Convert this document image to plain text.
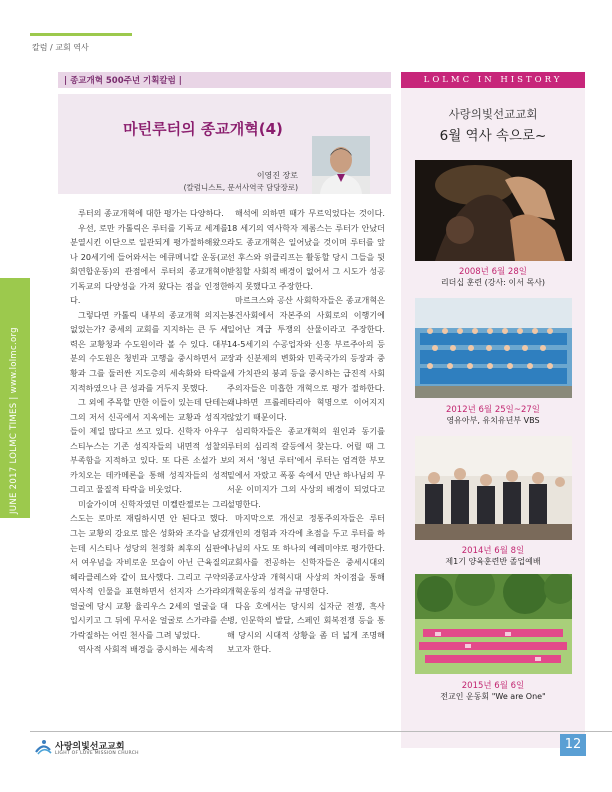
JUNE 2017 LOLMC TIMES | www.lolmc.org
칼럼 / 교회 역사
| 종교개혁 500주년 기획칼럼 |	LOLMC IN HISTORY
마틴루터의 종교개혁(4)
이영진 장로
(칼럼니스트, 문서사역국 담당장로)

루터의 종교개혁에 대한 평가는 다양하다.

우선, 로만 카톨릭은 루터를 기독교 세계를 분열시킨 이단으로 일관되게 평가절하해왔으나 20세기에 들어와서는 에큐메니칼 운동(교회연합운동)의 관점에서 루터의 종교개혁이 기독교의 다양성을 가져 왔다는 점을 인정한다.

그렇다면 카톨릭 내부의 종교개혁 의지는 없었는가? 중세의 교회를 지지하는 큰 두 세력은 교황청과 수도원이라 볼 수 있다. 대부분의 수도원은 청빈과 고행을 중시하면서 교황과 그를 둘러싼 지도층의 세속화와 타락을 지적하였으나 큰 성과를 거두지 못했다.

그 외에 주목할 만한 이들이 있는데 단테는 그의 저서 신곡에서 지옥에는 교황과 성직자들이 제일 많다고 쓰고 있다. 신학자 아우구스티누스는 기존 성직자들의 내면적 성찰의 부족함을 지적하고 있다. 또 다른 소설가 보카치오는 데카메론을 통해 성직자들의 성적 그리고 물질적 타락을 비웃었다.

미술가이며 신학자였던 미켈란젤로는 그리스도는 로마로 재림하시면 안 된다고 했다. 그는 교황의 강요로 많은 성화와 조각을 남겼는데 시스티나 성당의 천정화 최후의 심판에서 여우넘을 자비로운 모습이 아닌 근육질의 헤라클레스와 같이 묘사했다. 그리고 구약의 역사적 인물을 표현하면서 선지자 스가랴의 얼굴에 당시 교황 율리우스 2세의 얼굴을 대입시키고 그 뒤에 무서운 얼굴로 스가랴를 손가락질하는 어린 천사를 그려 넣었다.

역사적 사회적 배경을 중시하는 세속적

해석에 의하면 때가 무르익었다는 것이다. 18 세기의 역사학자 제롬스는 루터가 안났더라도 종교개혁은 일어났을 것이며 루터를 앞선 후스와 위클리프는 활동할 당시 그들을 뒷받침할 사회적 배경이 없어서 그 시도가 성공하지 못했다고 주장한다.

마르크스와 공산 사회학자들은 종교개혁은 봉건사회에서 자본주의 사회로의 이행기에 일어난 계급 투쟁의 산물이라고 주장한다. 14-5세기의 수공업자와 신흥 부르주아의 등장과 신분제의 변화와 민족국가의 등장과 중세 가치관의 붕괴 등을 중시하는 급진적 사회주의자들은 미흡한 개혁으로 평가 절하한다. 왜냐하면 프롤레타리아 혁명으로 이어지지 않았기 때문이다.

심리학자들은 종교개혁의 원인과 동기를 루터의 심리적 갈등에서 찾는다. 어릴 때 그의 저서 '청년 루터'에서 루터는 엄격한 부모 밑에서 자랐고 폭풍 속에서 만난 하나님의 무서운 이미지가 그의 사상의 배경이 되었다고 설명한다.

마지막으로 개신교 정통주의자들은 루터 개인의 경험과 자각에 초점을 두고 루터를 하나님의 사도 또 하나의 예레미야로 평가한다. 교회사를 전공하는 신학자들은 중세시대의 종교사상과 개혁시대 사상의 차이점을 통해 개혁운동의 성격을 규명한다.

다음 호에서는 당시의 십자군 전쟁, 흑사병, 인문학의 발달, 스페인 회복전쟁 등을 통해 당시의 시대적 상황을 좀 더 넓게 조명해 보고자 한다.

사랑의빛선교교회
6월 역사 속으로~
2008년 6월 28일
리더십 훈련 (강사: 이서 목사)
2012년 6월 25일~27일
영유아부, 유치유년부 VBS
2014년 6월 8일
제1기 양육훈련반 졸업예배
2015년 6월 6일
전교인 운동회 "We are One"
사랑의빛선교교회
LIGHT OF LOVE MISSION CHURCH
12
